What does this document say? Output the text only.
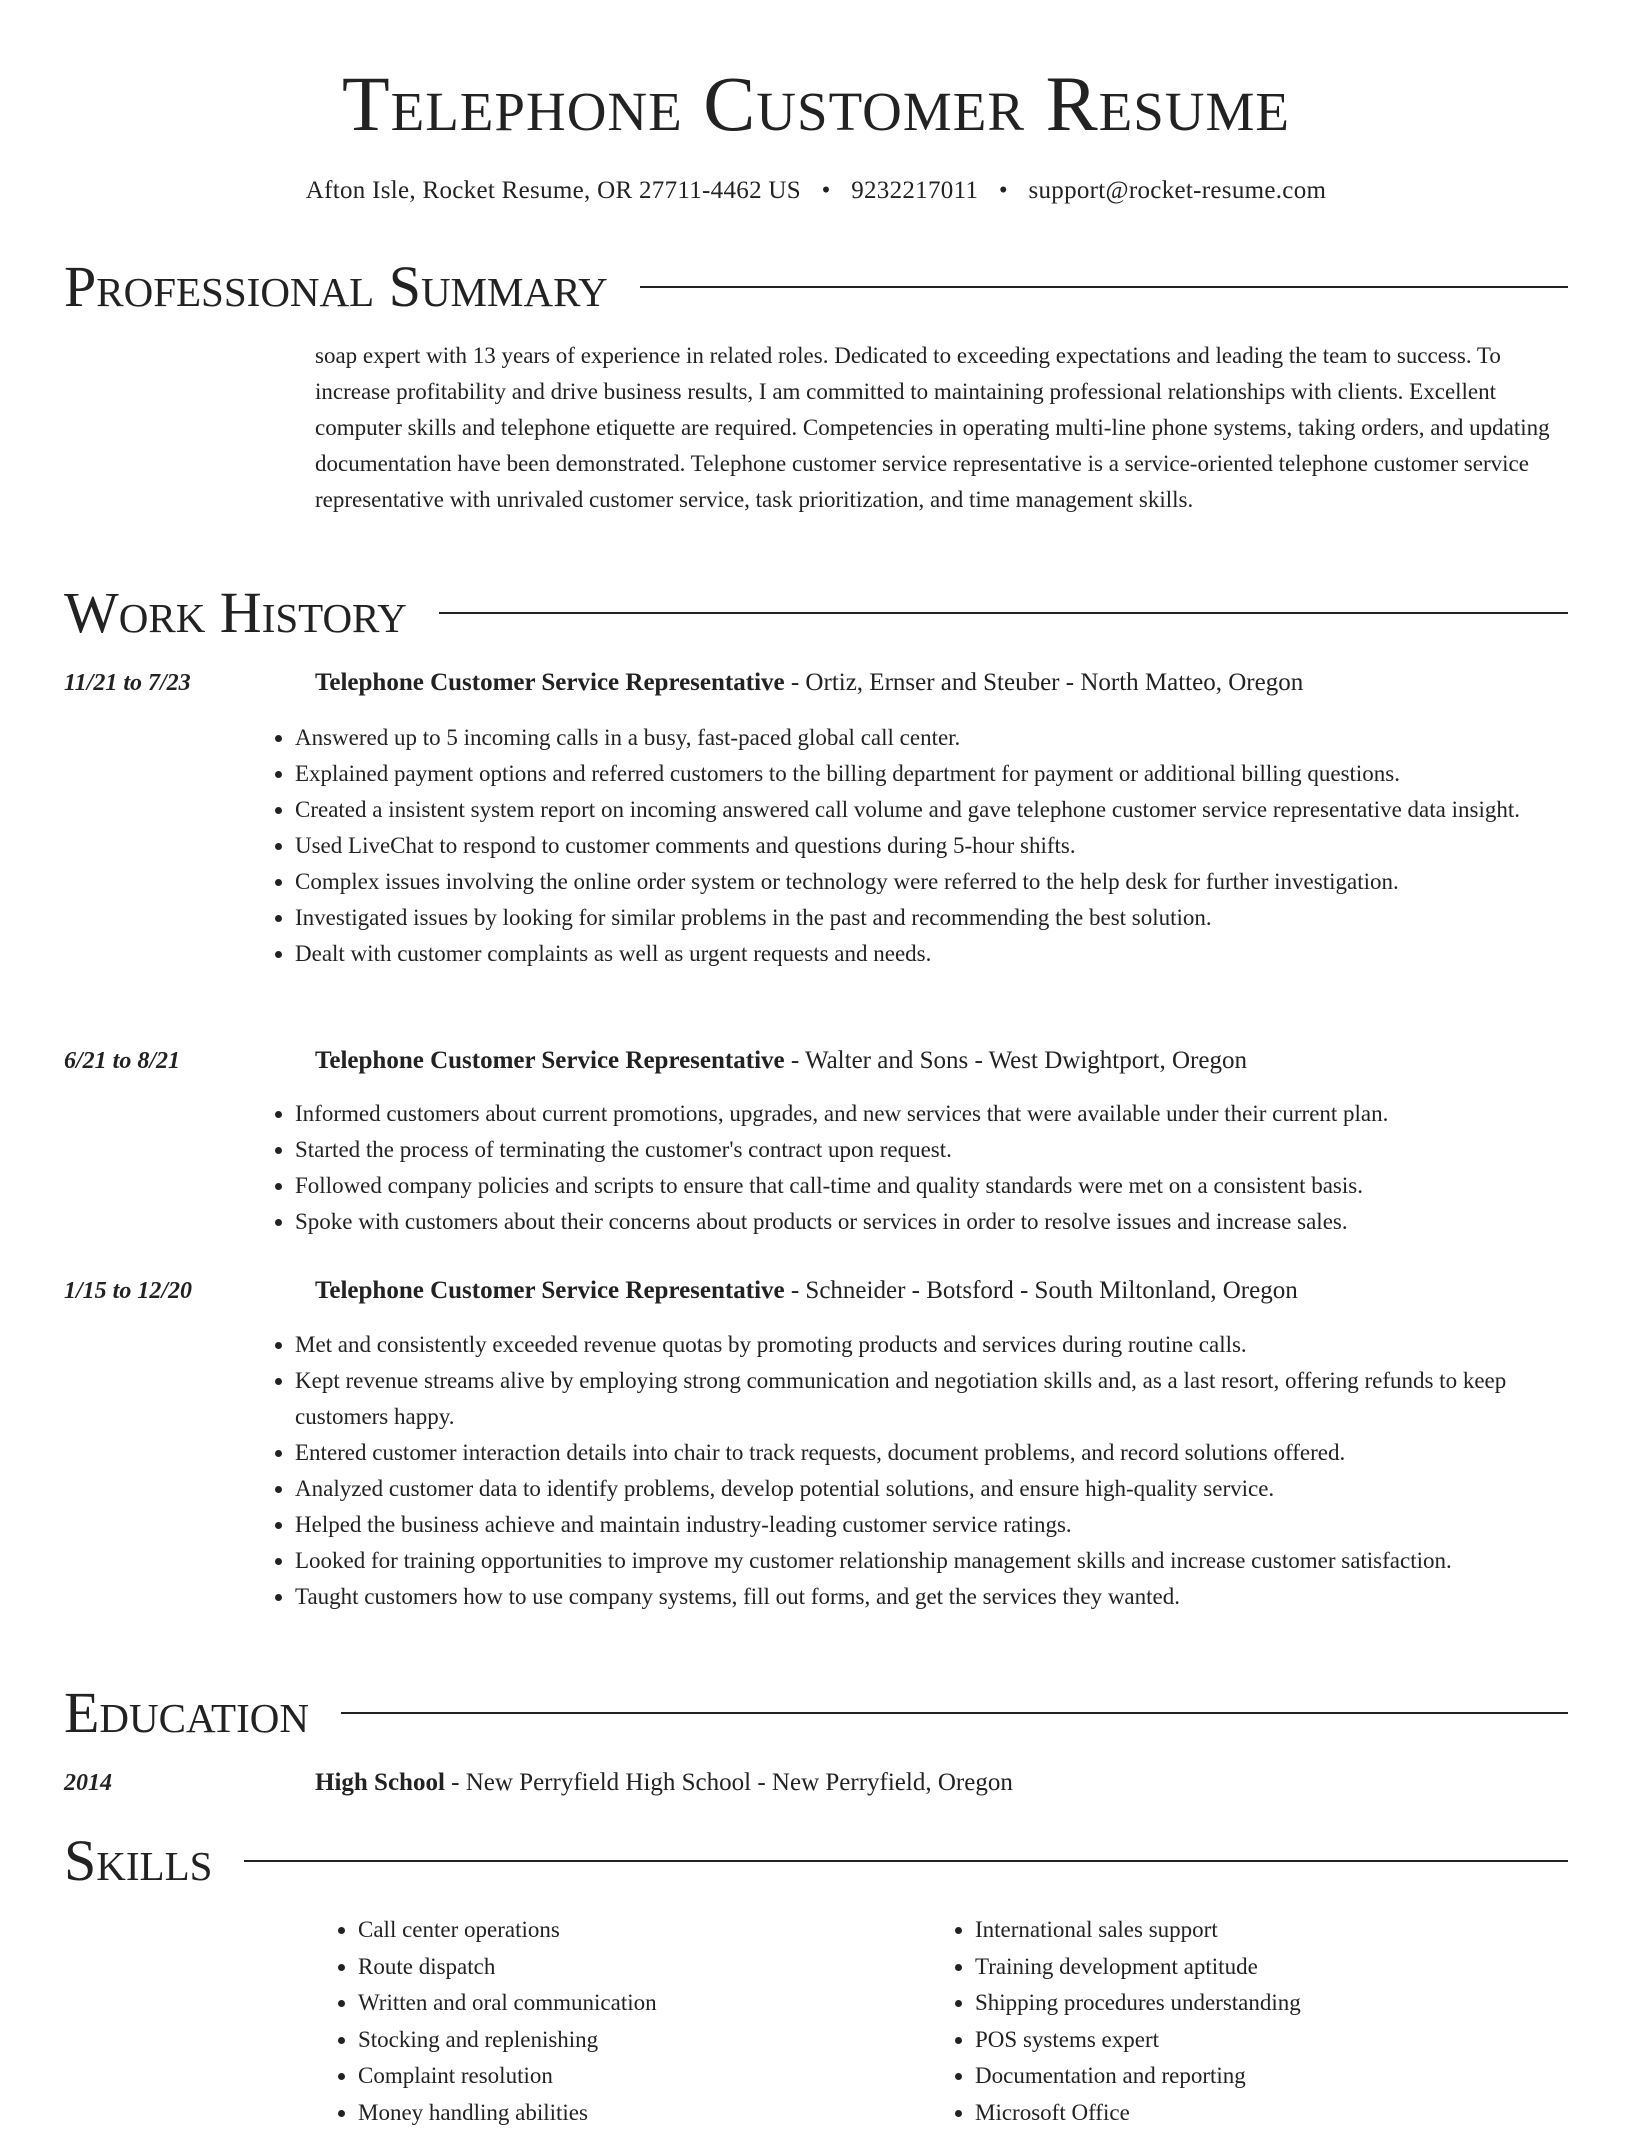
Telephone Customer Resume
Afton Isle, Rocket Resume, OR 27711-4462 US • 9232217011 • support@rocket-resume.com
Professional Summary

soap expert with 13 years of experience in related roles. Dedicated to exceeding expectations and leading the team to success. To increase profitability and drive business results, I am committed to maintaining professional relationships with clients. Excellent computer skills and telephone etiquette are required. Competencies in operating multi-line phone systems, taking orders, and updating documentation have been demonstrated. Telephone customer service representative is a service-oriented telephone customer service representative with unrivaled customer service, task prioritization, and time management skills.

Work History
11/21 to 7/23	Telephone Customer Service Representative - Ortiz, Ernser and Steuber - North Matteo, Oregon
• Answered up to 5 incoming calls in a busy, fast-paced global call center.
• Explained payment options and referred customers to the billing department for payment or additional billing questions.
• Created a insistent system report on incoming answered call volume and gave telephone customer service representative data insight.
• Used LiveChat to respond to customer comments and questions during 5-hour shifts.
• Complex issues involving the online order system or technology were referred to the help desk for further investigation.
• Investigated issues by looking for similar problems in the past and recommending the best solution.
• Dealt with customer complaints as well as urgent requests and needs.
6/21 to 8/21	Telephone Customer Service Representative - Walter and Sons - West Dwightport, Oregon
• Informed customers about current promotions, upgrades, and new services that were available under their current plan.
• Started the process of terminating the customer's contract upon request.
• Followed company policies and scripts to ensure that call-time and quality standards were met on a consistent basis.
• Spoke with customers about their concerns about products or services in order to resolve issues and increase sales.
1/15 to 12/20	Telephone Customer Service Representative - Schneider - Botsford - South Miltonland, Oregon
• Met and consistently exceeded revenue quotas by promoting products and services during routine calls.
• Kept revenue streams alive by employing strong communication and negotiation skills and, as a last resort, offering refunds to keep customers happy.
• Entered customer interaction details into chair to track requests, document problems, and record solutions offered.
• Analyzed customer data to identify problems, develop potential solutions, and ensure high-quality service.
• Helped the business achieve and maintain industry-leading customer service ratings.
• Looked for training opportunities to improve my customer relationship management skills and increase customer satisfaction.
• Taught customers how to use company systems, fill out forms, and get the services they wanted.
Education
2014	High School - New Perryfield High School - New Perryfield, Oregon
Skills
• Call center operations
• Route dispatch
• Written and oral communication
• Stocking and replenishing
• Complaint resolution
• Money handling abilities
• International sales support
• Training development aptitude
• Shipping procedures understanding
• POS systems expert
• Documentation and reporting
• Microsoft Office
